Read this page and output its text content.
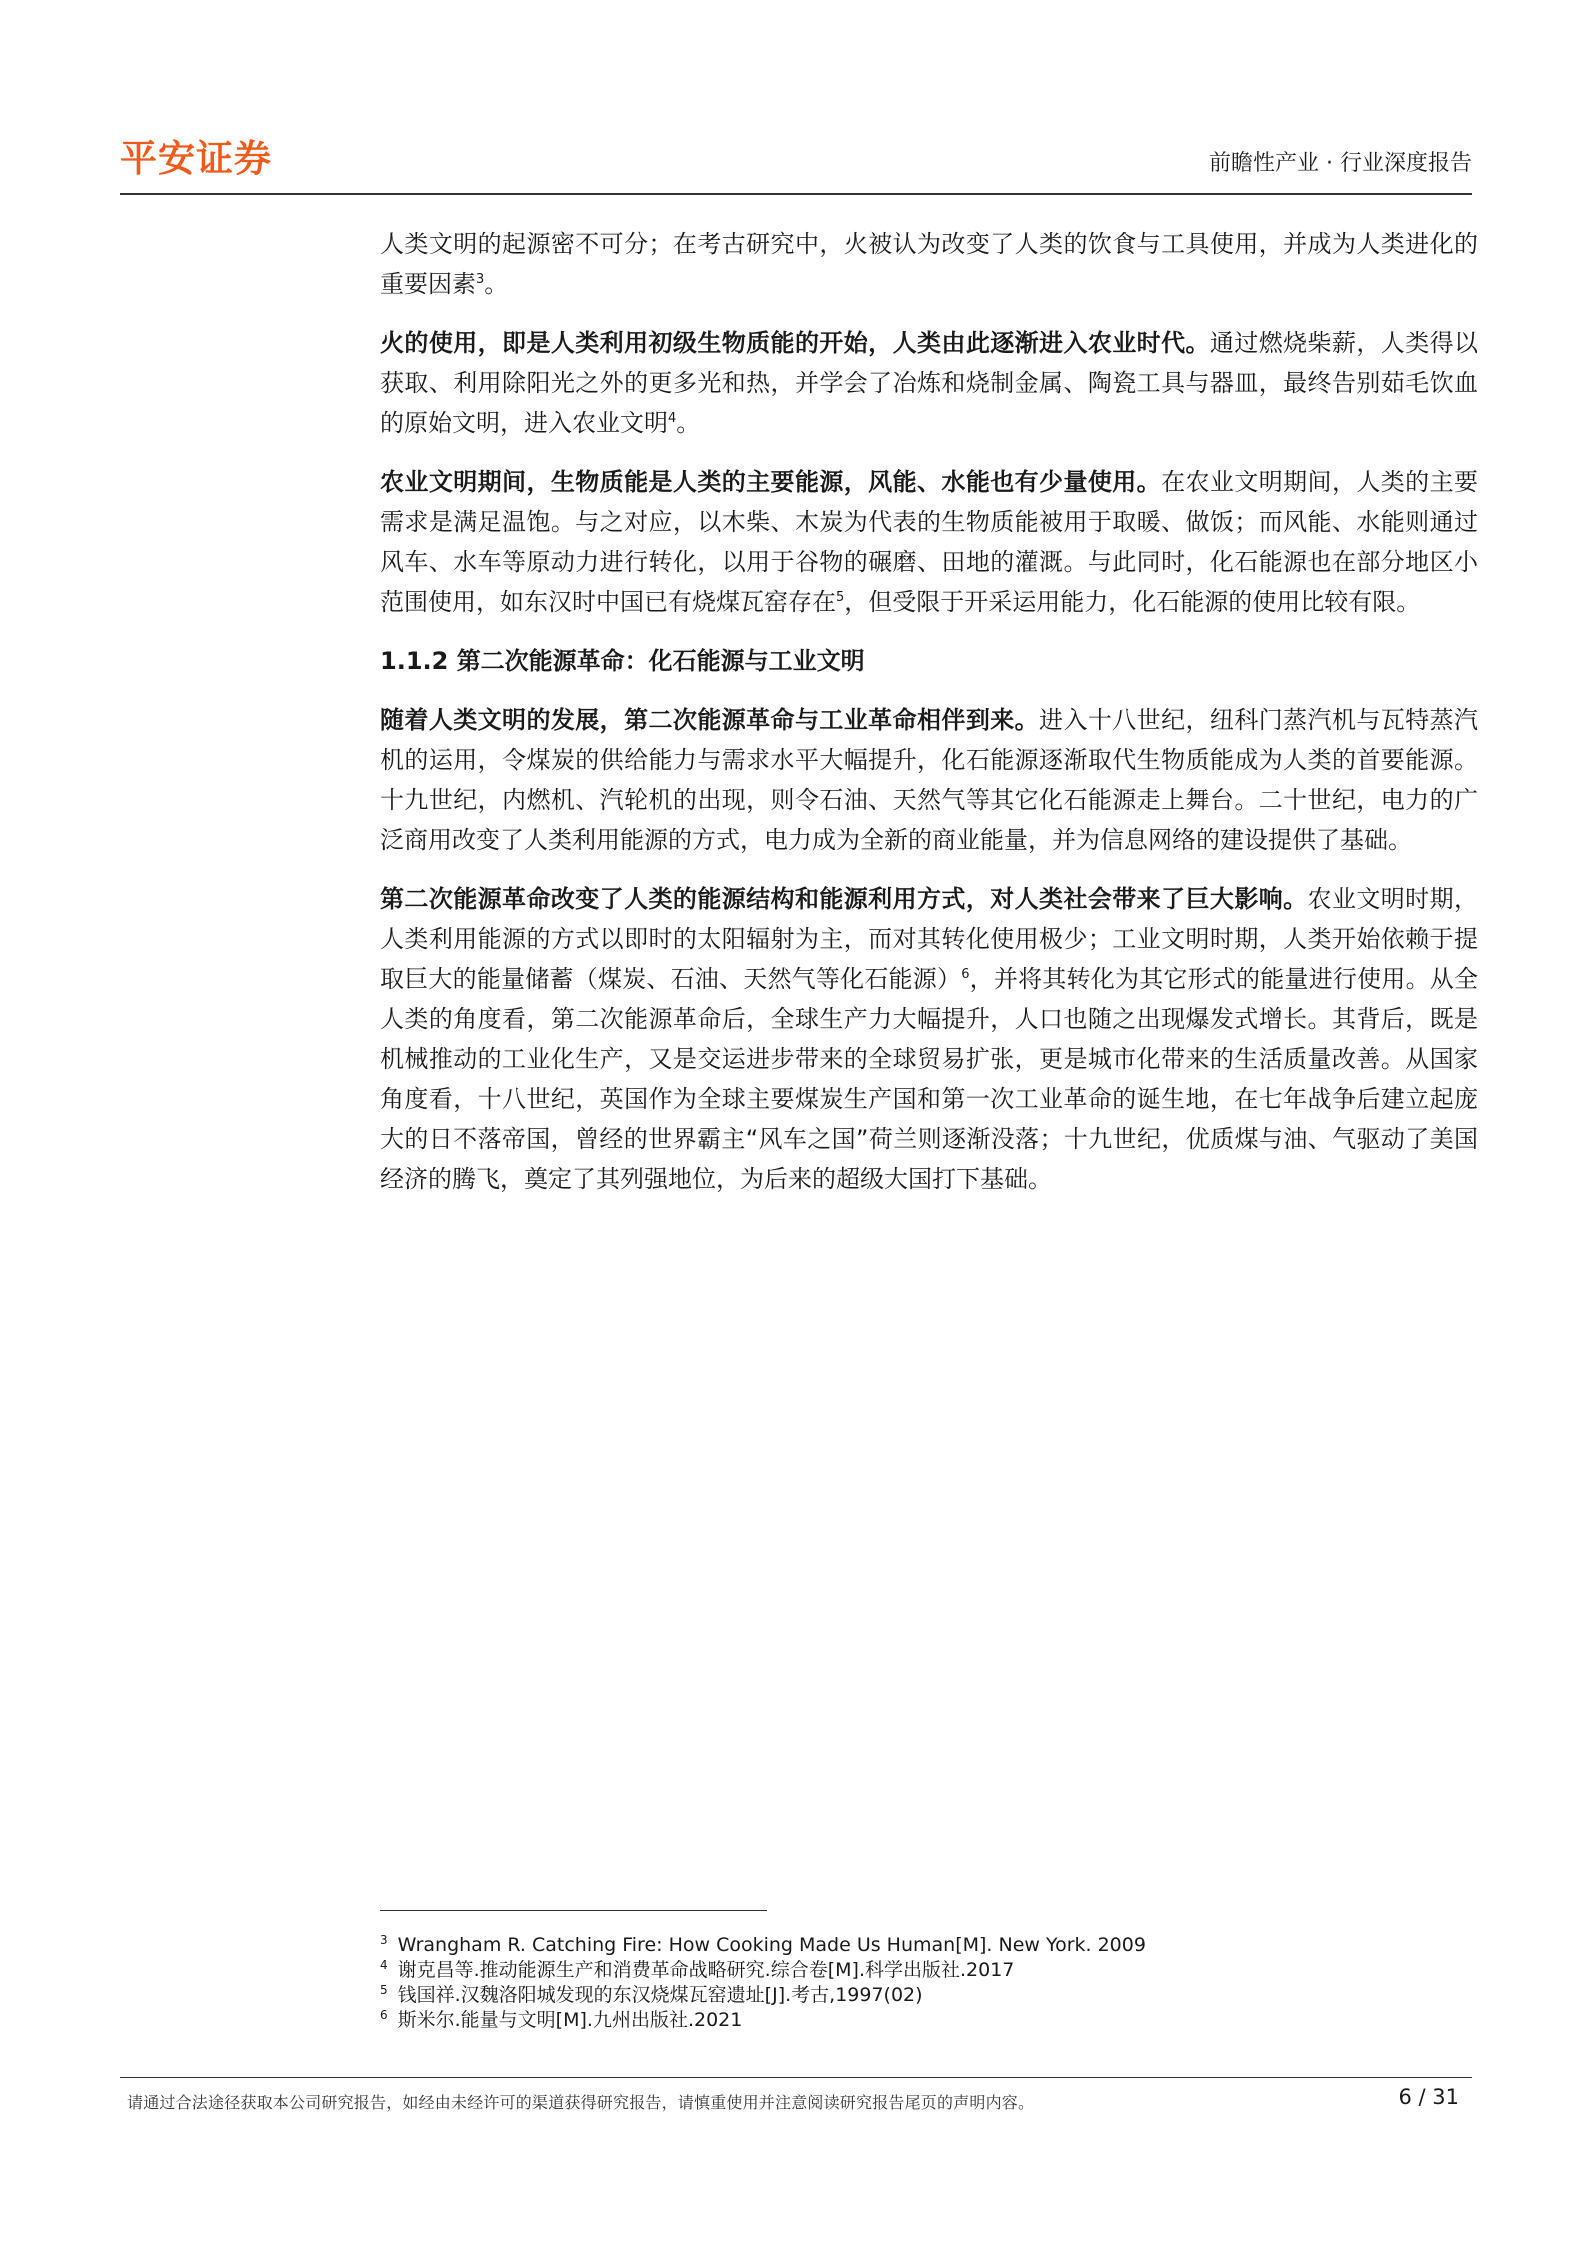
平安证券	前瞻性产业 · 行业深度报告

人类文明的起源密不可分；在考古研究中，火被认为改变了人类的饮食与工具使用，并成为人类进化的重要因素$^3$。

火的使用，即是人类利用初级生物质能的开始，人类由此逐渐进入农业时代。通过燃烧柴薪，人类得以获取、利用除阳光之外的更多光和热，并学会了冶炼和烧制金属、陶瓷工具与器皿，最终告别茹毛饮血的原始文明，进入农业文明$^4$。

农业文明期间，生物质能是人类的主要能源，风能、水能也有少量使用。在农业文明期间，人类的主要需求是满足温饱。与之对应，以木柴、木炭为代表的生物质能被用于取暖、做饭；而风能、水能则通过风车、水车等原动力进行转化，以用于谷物的碾磨、田地的灌溉。与此同时，化石能源也在部分地区小范围使用，如东汉时中国已有烧煤瓦窑存在$^5$，但受限于开采运用能力，化石能源的使用比较有限。

1.1.2 第二次能源革命：化石能源与工业文明

随着人类文明的发展，第二次能源革命与工业革命相伴到来。进入十八世纪，纽科门蒸汽机与瓦特蒸汽机的运用，令煤炭的供给能力与需求水平大幅提升，化石能源逐渐取代生物质能成为人类的首要能源。十九世纪，内燃机、汽轮机的出现，则令石油、天然气等其它化石能源走上舞台。二十世纪，电力的广泛商用改变了人类利用能源的方式，电力成为全新的商业能量，并为信息网络的建设提供了基础。

第二次能源革命改变了人类的能源结构和能源利用方式，对人类社会带来了巨大影响。农业文明时期，人类利用能源的方式以即时的太阳辐射为主，而对其转化使用极少；工业文明时期，人类开始依赖于提取巨大的能量储蓄（煤炭、石油、天然气等化石能源）$^6$，并将其转化为其它形式的能量进行使用。从全人类的角度看，第二次能源革命后，全球生产力大幅提升，人口也随之出现爆发式增长。其背后，既是机械推动的工业化生产，又是交运进步带来的全球贸易扩张，更是城市化带来的生活质量改善。从国家角度看，十八世纪，英国作为全球主要煤炭生产国和第一次工业革命的诞生地，在七年战争后建立起庞大的日不落帝国，曾经的世界霸主“风车之国”荷兰则逐渐没落；十九世纪，优质煤与油、气驱动了美国经济的腾飞，奠定了其列强地位，为后来的超级大国打下基础。

$^3$ Wrangham R. Catching Fire: How Cooking Made Us Human[M]. New York. 2009

$^4$ 谢克昌等.推动能源生产和消费革命战略研究.综合卷[M].科学出版社.2017

$^5$ 钱国祥.汉魏洛阳城发现的东汉烧煤瓦窑遗址[J].考古,1997(02)

$^6$ 斯米尔.能量与文明[M].九州出版社.2021

请通过合法途径获取本公司研究报告，如经由未经许可的渠道获得研究报告，请慎重使用并注意阅读研究报告尾页的声明内容。	6 / 31
